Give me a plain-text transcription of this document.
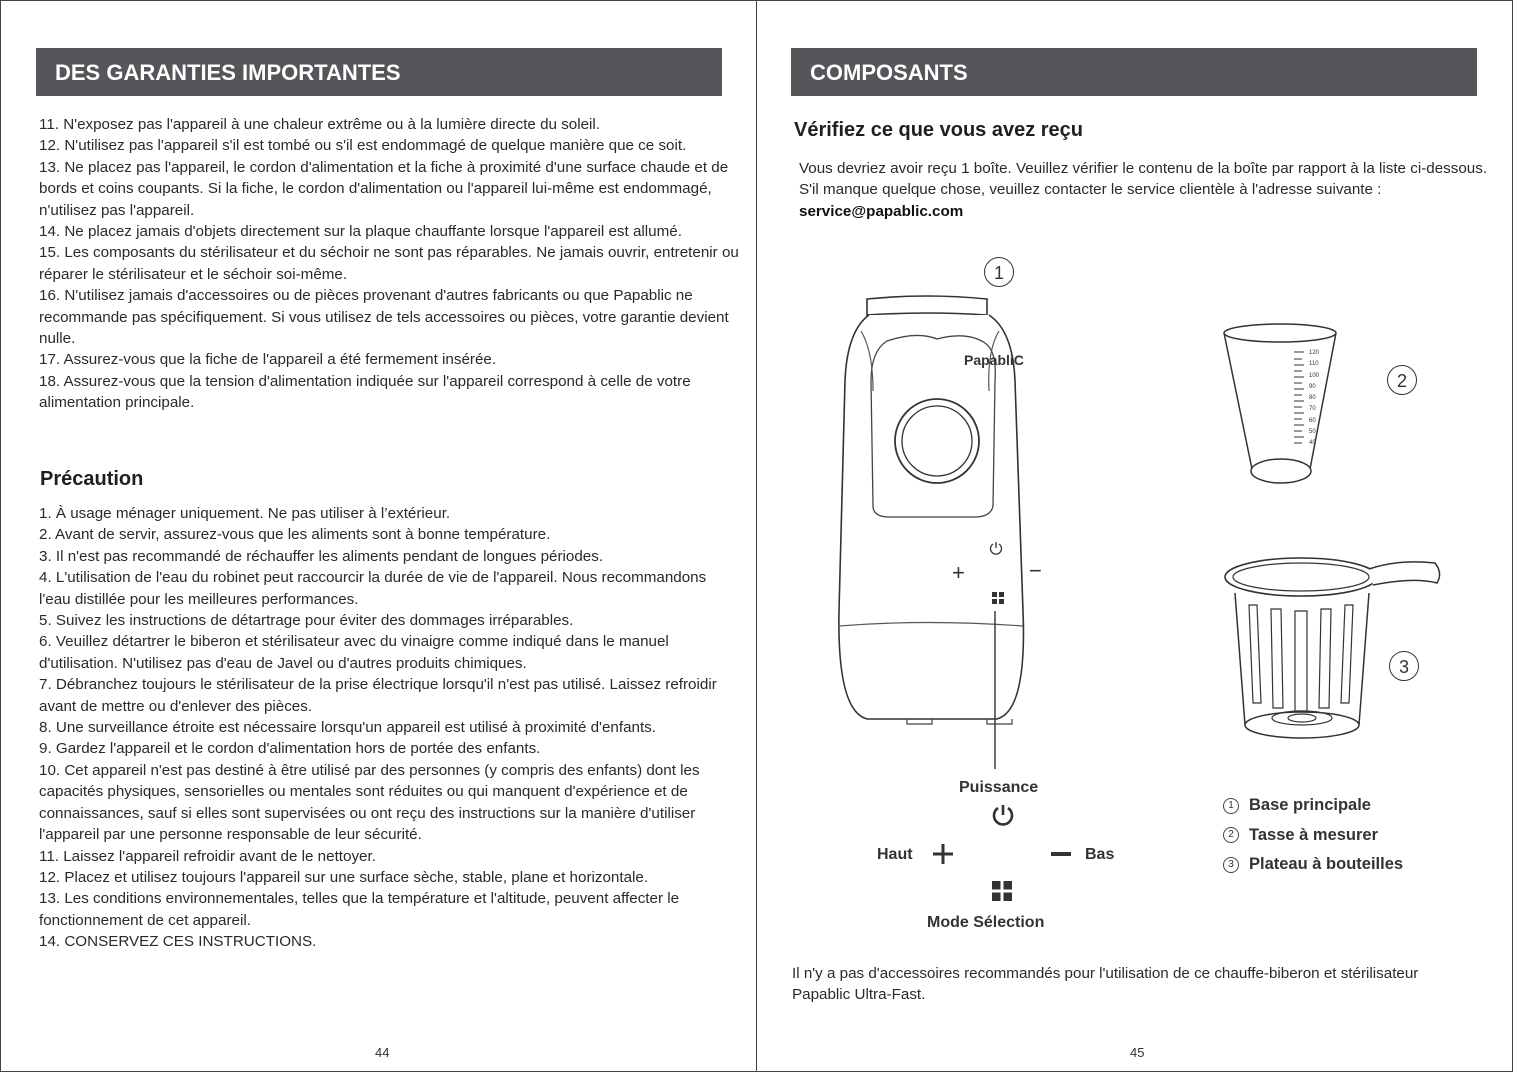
DES GARANTIES IMPORTANTES

11. N'exposez pas l'appareil à une chaleur extrême ou à la lumière directe du soleil.

12. N'utilisez pas l'appareil s'il est tombé ou s'il est endommagé de quelque manière que ce soit.

13. Ne placez pas l'appareil, le cordon d'alimentation et la fiche à proximité d'une surface chaude et de bords et coins coupants. Si la fiche, le cordon d'alimentation ou l'appareil lui-même est endommagé, n'utilisez pas l'appareil.

14. Ne placez jamais d'objets directement sur la plaque chauffante lorsque l'appareil est allumé.

15. Les composants du stérilisateur et du séchoir ne sont pas réparables. Ne jamais ouvrir, entretenir ou réparer le stérilisateur et le séchoir soi-même.

16. N'utilisez jamais d'accessoires ou de pièces provenant d'autres fabricants ou que Papablic ne recommande pas spécifiquement. Si vous utilisez de tels accessoires ou pièces, votre garantie devient nulle.

17. Assurez-vous que la fiche de l'appareil a été fermement insérée.

18. Assurez-vous que la tension d'alimentation indiquée sur l'appareil correspond à celle de votre alimentation principale.

Précaution

1. À usage ménager uniquement. Ne pas utiliser à l’extérieur.

2. Avant de servir, assurez-vous que les aliments sont à bonne température.

3. Il n'est pas recommandé de réchauffer les aliments pendant de longues périodes.

4. L'utilisation de l'eau du robinet peut raccourcir la durée de vie de l'appareil. Nous recommandons l'eau distillée pour les meilleures performances.

5. Suivez les instructions de détartrage pour éviter des dommages irréparables.

6. Veuillez détartrer le biberon et stérilisateur avec du vinaigre comme indiqué dans le manuel d'utilisation. N'utilisez pas d'eau de Javel ou d'autres produits chimiques.

7. Débranchez toujours le stérilisateur de la prise électrique lorsqu'il n'est pas utilisé. Laissez refroidir avant de mettre ou d'enlever des pièces.

8. Une surveillance étroite est nécessaire lorsqu'un appareil est utilisé à proximité d'enfants.

9. Gardez l'appareil et le cordon d'alimentation hors de portée des enfants.

10. Cet appareil n'est pas destiné à être utilisé par des personnes (y compris des enfants) dont les capacités physiques, sensorielles ou mentales sont réduites ou qui manquent d'expérience et de connaissances, sauf si elles sont supervisées ou ont reçu des instructions sur la manière d'utiliser l'appareil par une personne responsable de leur sécurité.

11. Laissez l'appareil refroidir avant de le nettoyer.

12. Placez et utilisez toujours l'appareil sur une surface sèche, stable, plane et horizontale.

13. Les conditions environnementales, telles que la température et l'altitude, peuvent affecter le fonctionnement de cet appareil.

14. CONSERVEZ CES INSTRUCTIONS.

44
COMPOSANTS
Vérifiez ce que vous avez reçu
Vous devriez avoir reçu 1 boîte. Veuillez vérifier le contenu de la boîte par rapport à la liste ci-dessous. S'il manque quelque chose, veuillez contacter le service clientèle à l'adresse suivante : service@papablic.com
1
2
3
PapabliC
+	−
Puissance
Haut	Bas
Mode Sélection
120
110
100
90
80
70
60
50
40
1 Base principale
2 Tasse à mesurer
3 Plateau à bouteilles
Il n'y a pas d'accessoires recommandés pour l'utilisation de ce chauffe-biberon et stérilisateur Papablic Ultra-Fast.
45
